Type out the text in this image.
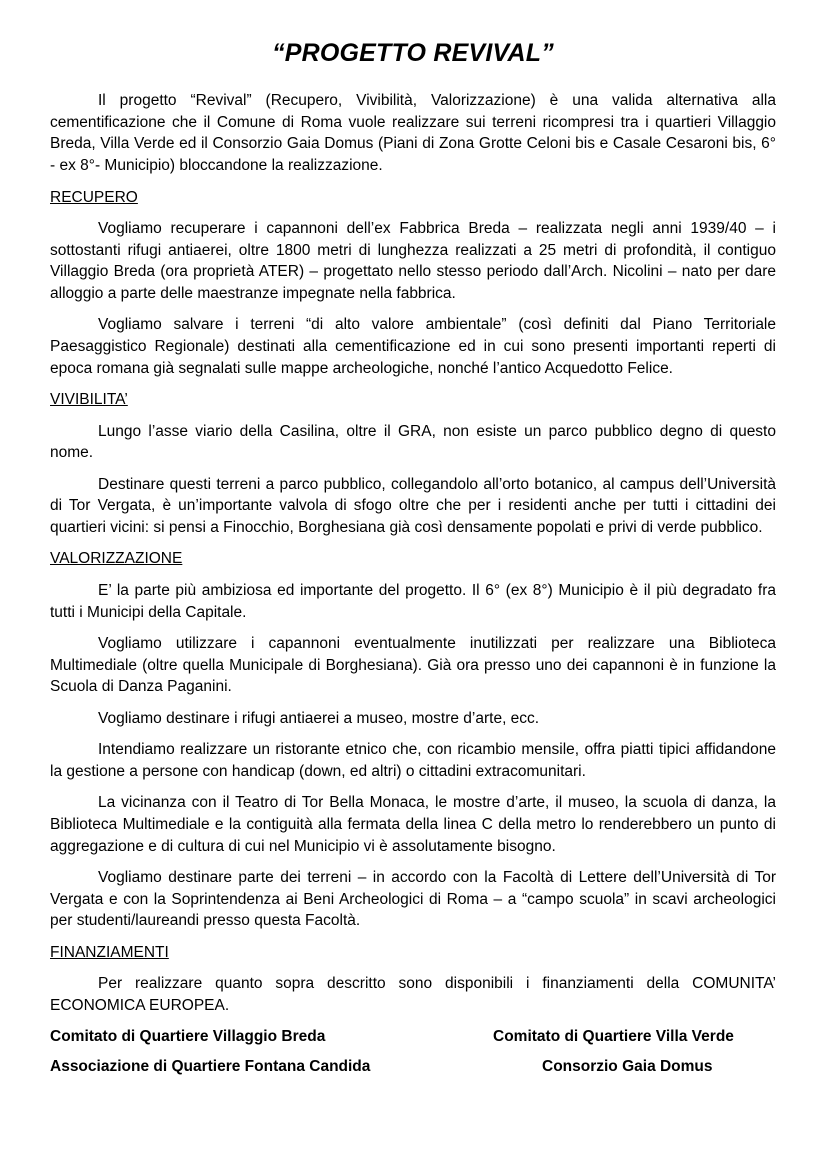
“PROGETTO REVIVAL”

Il progetto “Revival” (Recupero, Vivibilità, Valorizzazione) è una valida alternativa alla cementificazione che il Comune di Roma vuole realizzare sui terreni ricompresi tra i quartieri Villaggio Breda, Villa Verde ed il Consorzio Gaia Domus (Piani di Zona Grotte Celoni bis e Casale Cesaroni bis, 6° - ex 8°- Municipio) bloccandone la realizzazione.

RECUPERO

Vogliamo recuperare i capannoni dell’ex Fabbrica Breda – realizzata negli anni 1939/40 – i sottostanti rifugi antiaerei, oltre 1800 metri di lunghezza realizzati a 25 metri di profondità, il contiguo Villaggio Breda (ora proprietà ATER) – progettato nello stesso periodo dall’Arch. Nicolini – nato per dare alloggio a parte delle maestranze impegnate nella fabbrica.

Vogliamo salvare i terreni “di alto valore ambientale” (così definiti dal Piano Territoriale Paesaggistico Regionale) destinati alla cementificazione ed in cui sono presenti importanti reperti di epoca romana già segnalati sulle mappe archeologiche, nonché l’antico Acquedotto Felice.

VIVIBILITA’

Lungo l’asse viario della Casilina, oltre il GRA, non esiste un parco pubblico degno di questo nome.

Destinare questi terreni a parco pubblico, collegandolo all’orto botanico, al campus dell’Università di Tor Vergata, è un’importante valvola di sfogo oltre che per i residenti anche per tutti i cittadini dei quartieri vicini: si pensi a Finocchio, Borghesiana già così densamente popolati e privi di verde pubblico.

VALORIZZAZIONE

E’ la parte più ambiziosa ed importante del progetto. Il 6° (ex 8°) Municipio è il più degradato fra tutti i Municipi della Capitale.

Vogliamo utilizzare i capannoni eventualmente inutilizzati per realizzare una Biblioteca Multimediale (oltre quella Municipale di Borghesiana). Già ora presso uno dei capannoni è in funzione la Scuola di Danza Paganini.

Vogliamo destinare i rifugi antiaerei a museo, mostre d’arte, ecc.

Intendiamo realizzare un ristorante etnico che, con ricambio mensile, offra piatti tipici affidandone la gestione a persone con handicap (down, ed altri) o cittadini extracomunitari.

La vicinanza con il Teatro di Tor Bella Monaca, le mostre d’arte, il museo, la scuola di danza, la Biblioteca Multimediale e la contiguità alla fermata della linea C della metro lo renderebbero un punto di aggregazione e di cultura di cui nel Municipio vi è assolutamente bisogno.

Vogliamo destinare parte dei terreni – in accordo con la Facoltà di Lettere dell’Università di Tor Vergata e con la Soprintendenza ai Beni Archeologici di Roma – a “campo scuola” in scavi archeologici per studenti/laureandi presso questa Facoltà.

FINANZIAMENTI

Per realizzare quanto sopra descritto sono disponibili i finanziamenti della COMUNITA’ ECONOMICA EUROPEA.

Comitato di Quartiere Villaggio Breda	Comitato di Quartiere Villa Verde
Associazione di Quartiere Fontana Candida	Consorzio Gaia Domus
